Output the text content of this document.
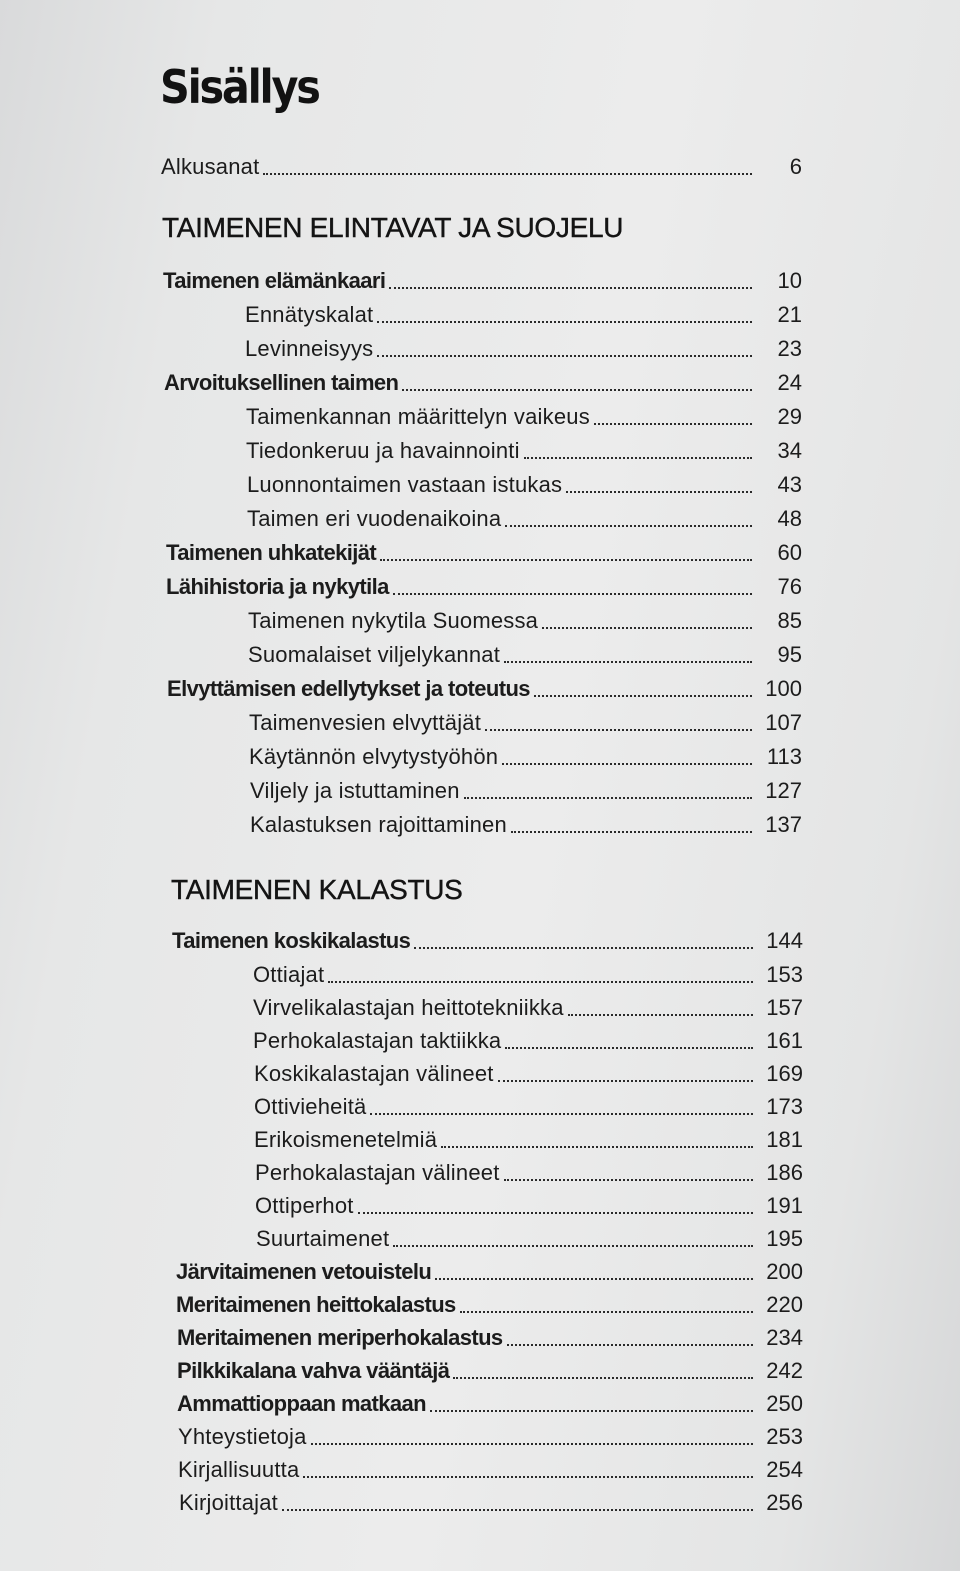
Sisällys
Alkusanat	6
TAIMENEN ELINTAVAT JA SUOJELU
Taimenen elämänkaari	10
Ennätyskalat	21
Levinneisyys	23
Arvoituksellinen taimen	24
Taimenkannan määrittelyn vaikeus	29
Tiedonkeruu ja havainnointi	34
Luonnontaimen vastaan istukas	43
Taimen eri vuodenaikoina	48
Taimenen uhkatekijät	60
Lähihistoria ja nykytila	76
Taimenen nykytila Suomessa	85
Suomalaiset viljelykannat	95
Elvyttämisen edellytykset ja toteutus	100
Taimenvesien elvyttäjät	107
Käytännön elvytystyöhön	113
Viljely ja istuttaminen	127
Kalastuksen rajoittaminen	137
TAIMENEN KALASTUS
Taimenen koskikalastus	144
Ottiajat	153
Virvelikalastajan heittotekniikka	157
Perhokalastajan taktiikka	161
Koskikalastajan välineet	169
Ottivieheitä	173
Erikoismenetelmiä	181
Perhokalastajan välineet	186
Ottiperhot	191
Suurtaimenet	195
Järvitaimenen vetouistelu	200
Meritaimenen heittokalastus	220
Meritaimenen meriperhokalastus	234
Pilkkikalana vahva vääntäjä	242
Ammattioppaan matkaan	250
Yhteystietoja	253
Kirjallisuutta	254
Kirjoittajat	256
